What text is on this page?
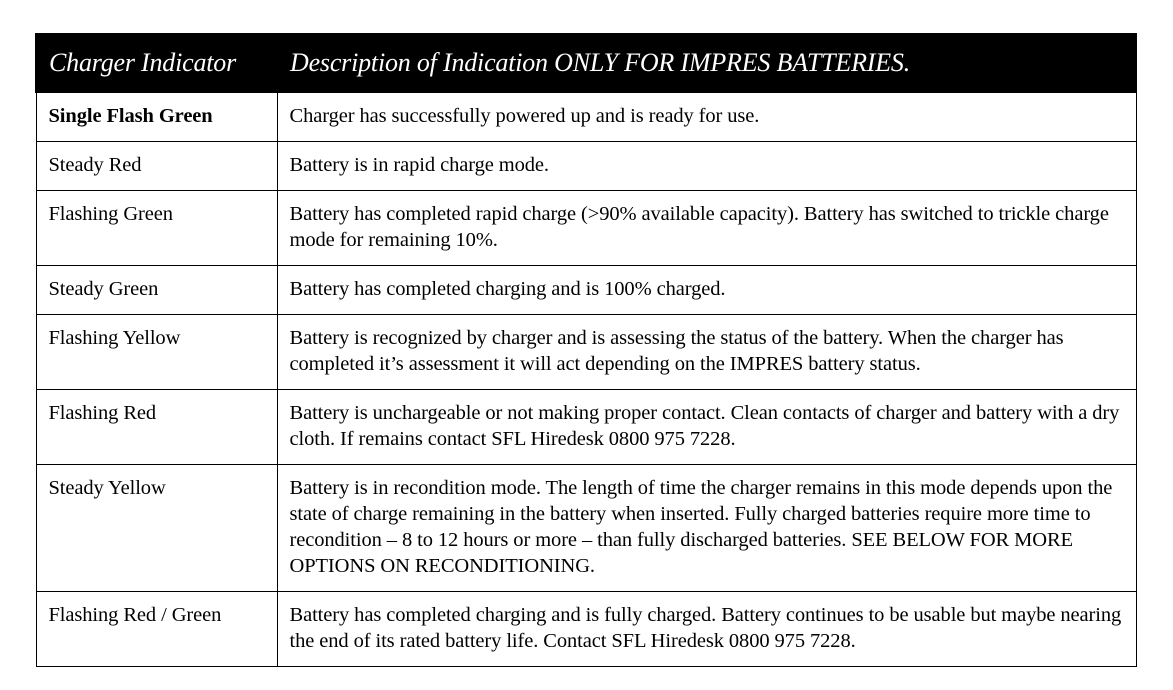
Charger Indicator	Description of Indication ONLY FOR IMPRES BATTERIES.
Single Flash Green	Charger has successfully powered up and is ready for use.
Steady Red	Battery is in rapid charge mode.
Flashing Green	Battery has completed rapid charge (>90% available capacity). Battery has switched to trickle charge mode for remaining 10%.
Steady Green	Battery has completed charging and is 100% charged.
Flashing Yellow	Battery is recognized by charger and is assessing the status of the battery. When the charger has completed it’s assessment it will act depending on the IMPRES battery status.
Flashing Red	Battery is unchargeable or not making proper contact. Clean contacts of charger and battery with a dry cloth. If remains contact SFL Hiredesk 0800 975 7228.
Steady Yellow	Battery is in recondition mode. The length of time the charger remains in this mode depends upon the state of charge remaining in the battery when inserted. Fully charged batteries require more time to recondition – 8 to 12 hours or more – than fully discharged batteries. SEE BELOW FOR MORE OPTIONS ON RECONDITIONING.
Flashing Red / Green	Battery has completed charging and is fully charged. Battery continues to be usable but maybe nearing the end of its rated battery life. Contact SFL Hiredesk 0800 975 7228.
